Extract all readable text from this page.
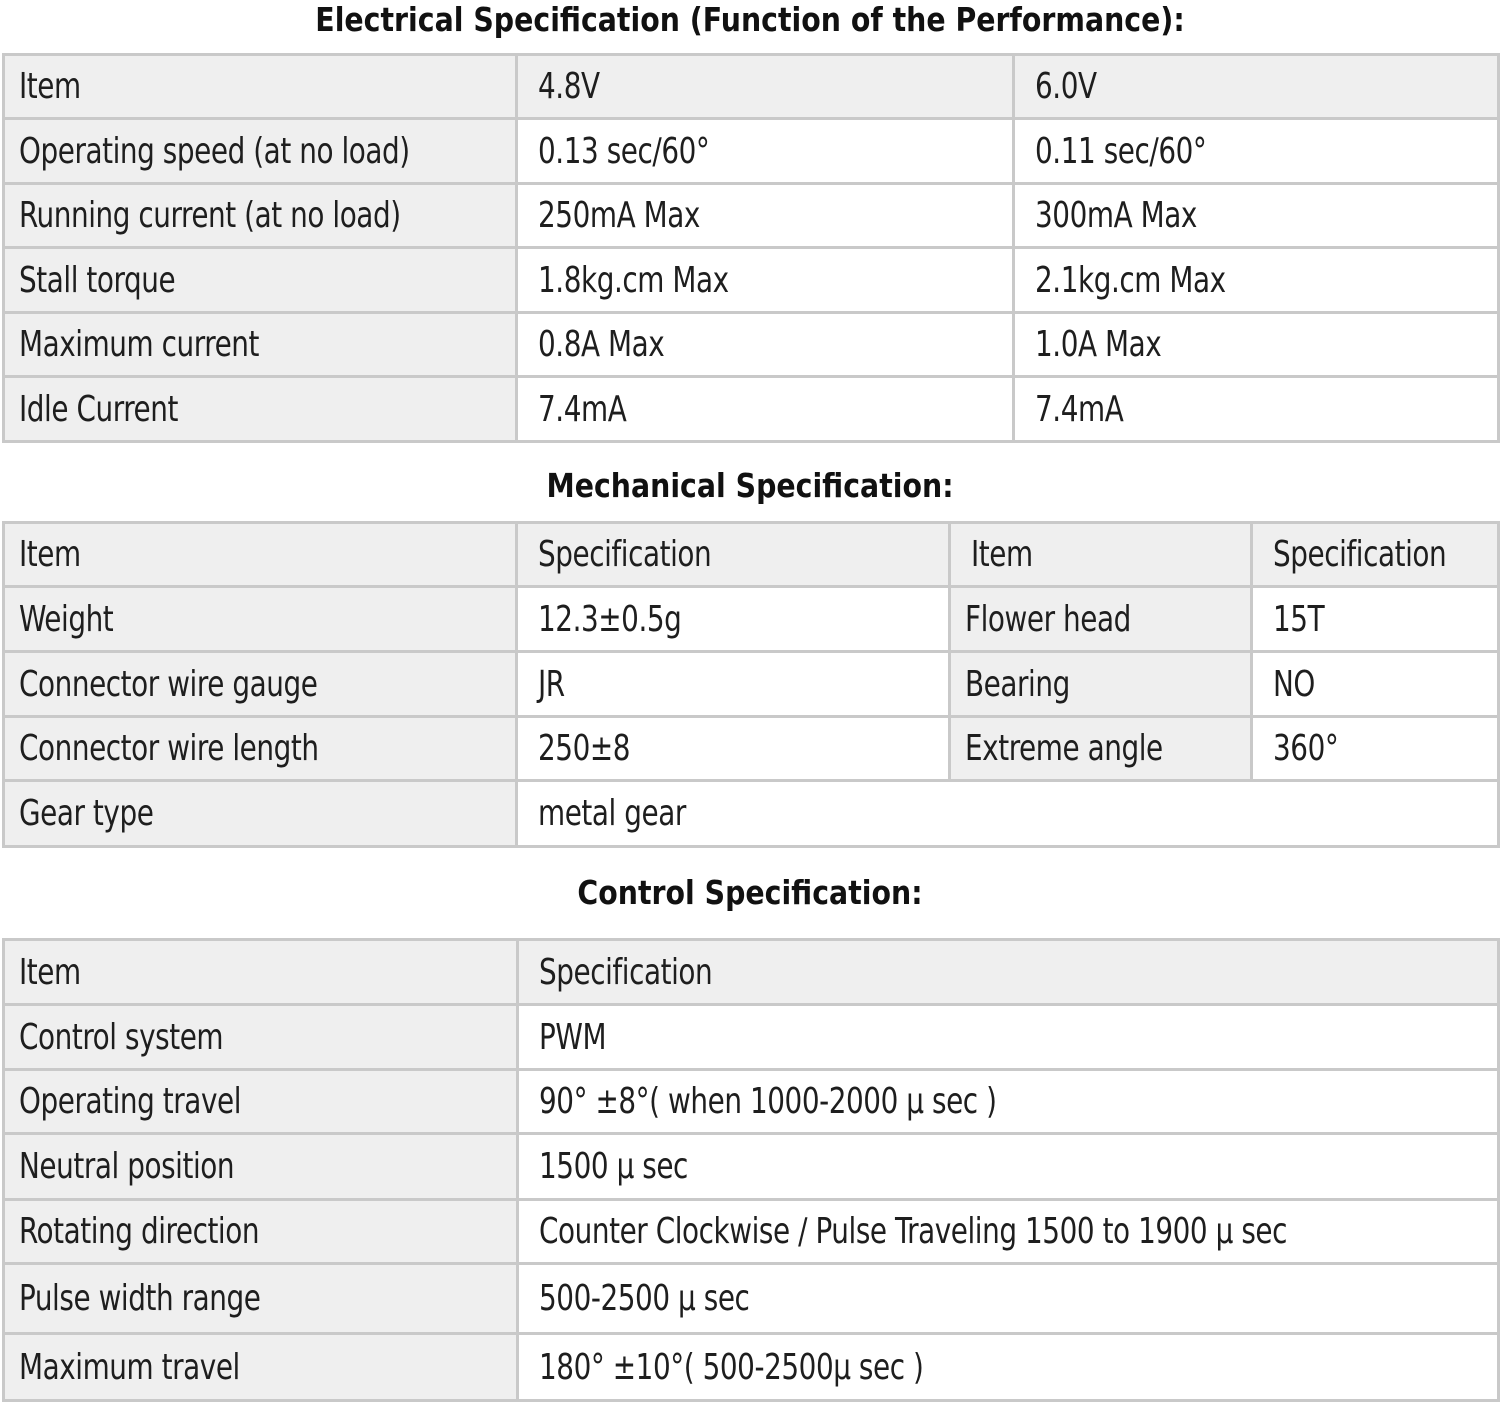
Electrical Specification (Function of the Performance):
Item	4.8V	6.0V
Operating speed (at no load)	0.13 sec/60°	0.11 sec/60°
Running current (at no load)	250mA Max	300mA Max
Stall torque	1.8kg.cm Max	2.1kg.cm Max
Maximum current	0.8A Max	1.0A Max
Idle Current	7.4mA	7.4mA
Mechanical Specification:
Item	Specification	Item	Specification
Weight	12.3±0.5g	Flower head	15T
Connector wire gauge	JR	Bearing	NO
Connector wire length	250±8	Extreme angle	360°
Gear type	metal gear		
Control Specification:
Item	Specification
Control system	PWM
Operating travel	90° ±8°( when 1000-2000 μ sec )
Neutral position	1500 μ sec
Rotating direction	Counter Clockwise / Pulse Traveling 1500 to 1900 μ sec
Pulse width range	500-2500 μ sec
Maximum travel	180° ±10°( 500-2500μ sec )
